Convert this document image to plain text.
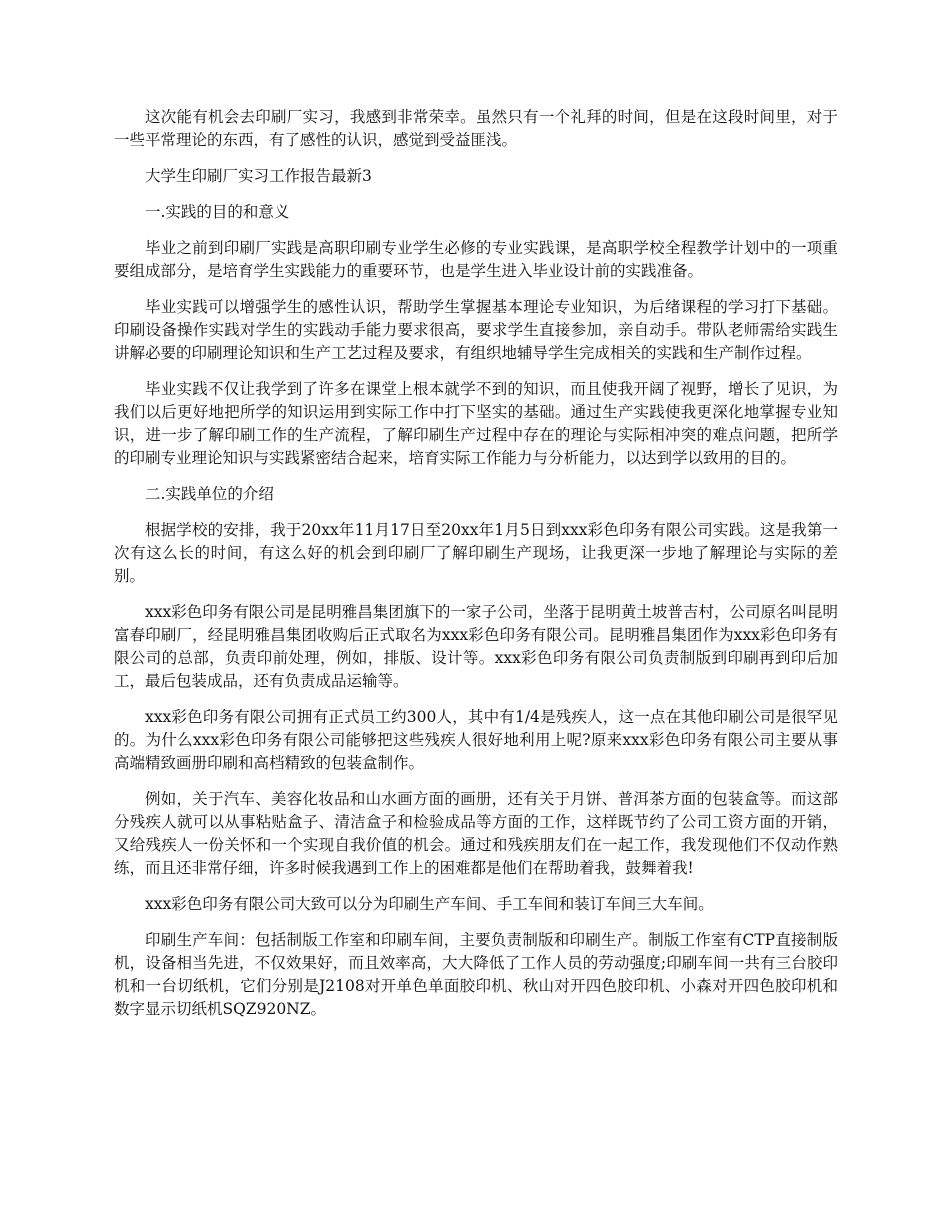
这次能有机会去印刷厂实习，我感到非常荣幸。虽然只有一个礼拜的时间，但是在这段时间里，对于一些平常理论的东西，有了感性的认识，感觉到受益匪浅。

大学生印刷厂实习工作报告最新3

一.实践的目的和意义

毕业之前到印刷厂实践是高职印刷专业学生必修的专业实践课，是高职学校全程教学计划中的一项重要组成部分，是培育学生实践能力的重要环节，也是学生进入毕业设计前的实践准备。

毕业实践可以增强学生的感性认识，帮助学生掌握基本理论专业知识，为后绪课程的学习打下基础。印刷设备操作实践对学生的实践动手能力要求很高，要求学生直接参加，亲自动手。带队老师需给实践生讲解必要的印刷理论知识和生产工艺过程及要求，有组织地辅导学生完成相关的实践和生产制作过程。

毕业实践不仅让我学到了许多在课堂上根本就学不到的知识，而且使我开阔了视野，增长了见识，为我们以后更好地把所学的知识运用到实际工作中打下坚实的基础。通过生产实践使我更深化地掌握专业知识，进一步了解印刷工作的生产流程，了解印刷生产过程中存在的理论与实际相冲突的难点问题，把所学的印刷专业理论知识与实践紧密结合起来，培育实际工作能力与分析能力，以达到学以致用的目的。

二.实践单位的介绍

根据学校的安排，我于20xx年11月17日至20xx年1月5日到xxx彩色印务有限公司实践。这是我第一次有这么长的时间，有这么好的机会到印刷厂了解印刷生产现场，让我更深一步地了解理论与实际的差别。

xxx彩色印务有限公司是昆明雅昌集团旗下的一家子公司，坐落于昆明黄土坡普吉村，公司原名叫昆明富春印刷厂，经昆明雅昌集团收购后正式取名为xxx彩色印务有限公司。昆明雅昌集团作为xxx彩色印务有限公司的总部，负责印前处理，例如，排版、设计等。xxx彩色印务有限公司负责制版到印刷再到印后加工，最后包装成品，还有负责成品运输等。

xxx彩色印务有限公司拥有正式员工约300人，其中有1/4是残疾人，这一点在其他印刷公司是很罕见的。为什么xxx彩色印务有限公司能够把这些残疾人很好地利用上呢?原来xxx彩色印务有限公司主要从事高端精致画册印刷和高档精致的包装盒制作。

例如，关于汽车、美容化妆品和山水画方面的画册，还有关于月饼、普洱茶方面的包装盒等。而这部分残疾人就可以从事粘贴盒子、清洁盒子和检验成品等方面的工作，这样既节约了公司工资方面的开销，又给残疾人一份关怀和一个实现自我价值的机会。通过和残疾朋友们在一起工作，我发现他们不仅动作熟练，而且还非常仔细，许多时候我遇到工作上的困难都是他们在帮助着我，鼓舞着我!

xxx彩色印务有限公司大致可以分为印刷生产车间、手工车间和装订车间三大车间。

印刷生产车间：包括制版工作室和印刷车间，主要负责制版和印刷生产。制版工作室有CTP直接制版机，设备相当先进，不仅效果好，而且效率高，大大降低了工作人员的劳动强度;印刷车间一共有三台胶印机和一台切纸机，它们分别是J2108对开单色单面胶印机、秋山对开四色胶印机、小森对开四色胶印机和数字显示切纸机SQZ920NZ。
